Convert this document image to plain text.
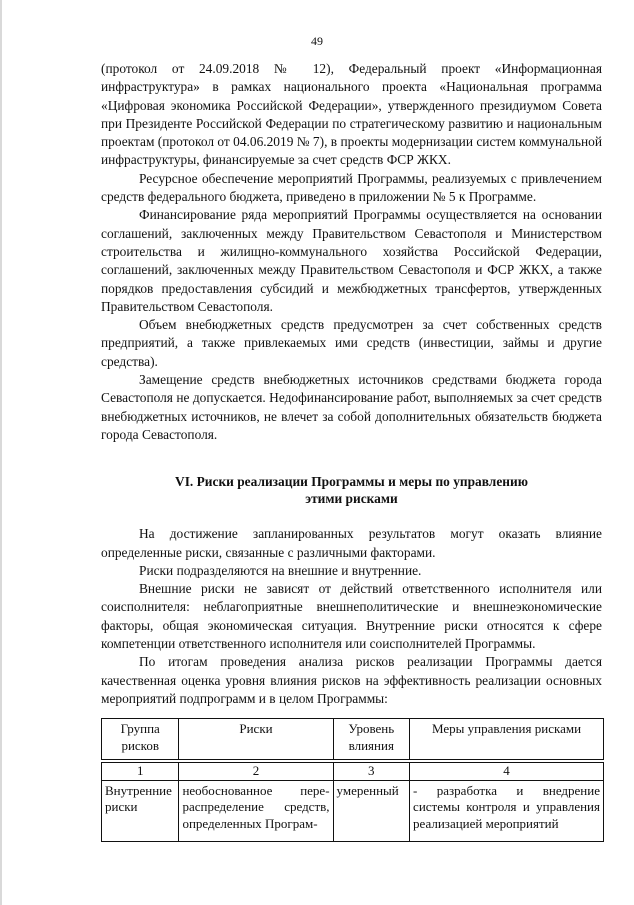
49

(протокол от 24.09.2018 № 12), Федеральный проект «Информационная инфраструктура» в рамках национального проекта «Национальная программа «Цифровая экономика Российской Федерации», утвержденного президиумом Совета при Президенте Российской Федерации по стратегическому развитию и национальным проектам (протокол от 04.06.2019 № 7), в проекты модернизации систем коммунальной инфраструктуры, финансируемые за счет средств ФСР ЖКХ.

Ресурсное обеспечение мероприятий Программы, реализуемых с привлечением средств федерального бюджета, приведено в приложении № 5 к Программе.

Финансирование ряда мероприятий Программы осуществляется на основании соглашений, заключенных между Правительством Севастополя и Министерством строительства и жилищно-коммунального хозяйства Российской Федерации, соглашений, заключенных между Правительством Севастополя и ФСР ЖКХ, а также порядков предоставления субсидий и межбюджетных трансфертов, утвержденных Правительством Севастополя.

Объем внебюджетных средств предусмотрен за счет собственных средств предприятий, а также привлекаемых ими средств (инвестиции, займы и другие средства).

Замещение средств внебюджетных источников средствами бюджета города Севастополя не допускается. Недофинансирование работ, выполняемых за счет средств внебюджетных источников, не влечет за собой дополнительных обязательств бюджета города Севастополя.

VI. Риски реализации Программы и меры по управлению
этими рисками

На достижение запланированных результатов могут оказать влияние определенные риски, связанные с различными факторами.

Риски подразделяются на внешние и внутренние.

Внешние риски не зависят от действий ответственного исполнителя или соисполнителя: неблагоприятные внешнеполитические и внешнеэкономические факторы, общая экономическая ситуация. Внутренние риски относятся к сфере компетенции ответственного исполнителя или соисполнителей Программы.

По итогам проведения анализа рисков реализации Программы дается качественная оценка уровня влияния рисков на эффективность реализации основных мероприятий подпрограмм и в целом Программы:

Группа рисков	Риски	Уровень влияния	Меры управления рисками

1	2	3	4
Внутренние риски	необоснованное пере-распределение средств, определенных Програм-	умеренный	- разработка и внедрение системы контроля и управления реализацией мероприятий
